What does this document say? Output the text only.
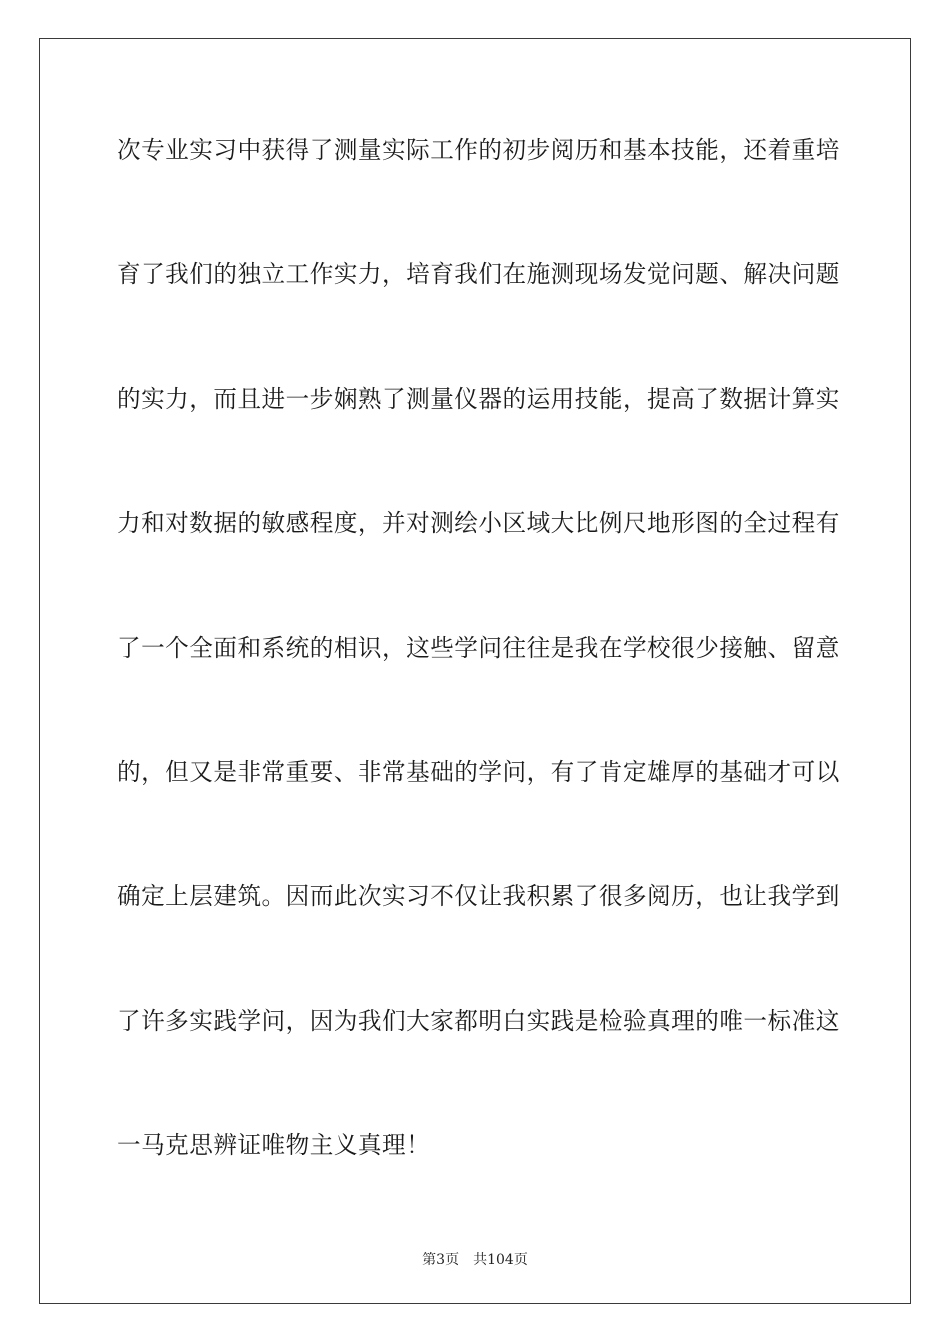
次专业实习中获得了测量实际工作的初步阅历和基本技能，还着重培
育了我们的独立工作实力，培育我们在施测现场发觉问题、解决问题
的实力，而且进一步娴熟了测量仪器的运用技能，提高了数据计算实
力和对数据的敏感程度，并对测绘小区域大比例尺地形图的全过程有
了一个全面和系统的相识，这些学问往往是我在学校很少接触、留意
的，但又是非常重要、非常基础的学问，有了肯定雄厚的基础才可以
确定上层建筑。因而此次实习不仅让我积累了很多阅历，也让我学到
了许多实践学问，因为我们大家都明白实践是检验真理的唯一标准这
一马克思辨证唯物主义真理！
第3页 共104页
